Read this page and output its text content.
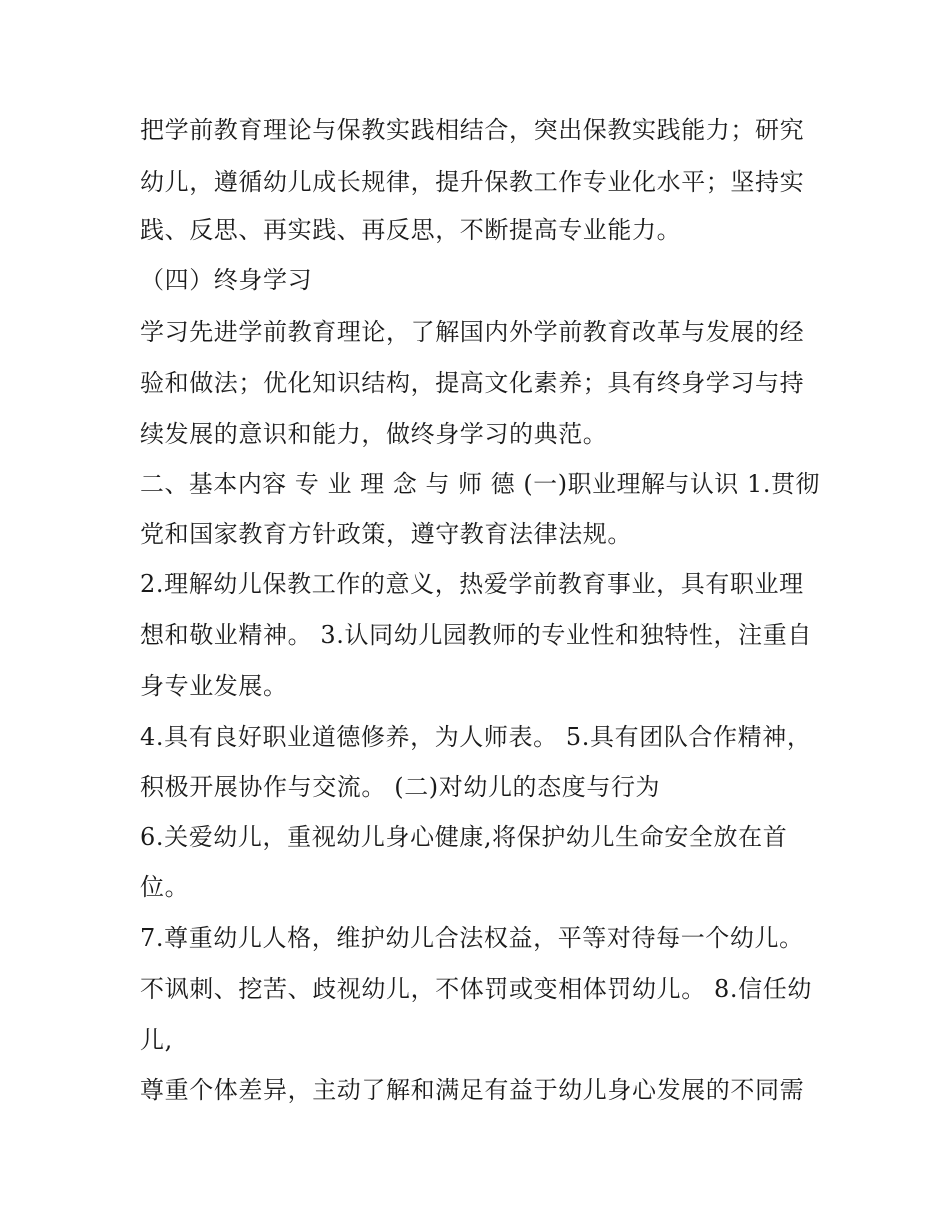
把学前教育理论与保教实践相结合，突出保教实践能力；研究

幼儿，遵循幼儿成长规律，提升保教工作专业化水平；坚持实

践、反思、再实践、再反思，不断提高专业能力。

（四）终身学习

学习先进学前教育理论，了解国内外学前教育改革与发展的经

验和做法；优化知识结构，提高文化素养；具有终身学习与持

续发展的意识和能力，做终身学习的典范。

二、基本内容 专 业 理 念 与 师 德 (一)职业理解与认识 1.贯彻

党和国家教育方针政策，遵守教育法律法规。

2.理解幼儿保教工作的意义，热爱学前教育事业，具有职业理

想和敬业精神。 3.认同幼儿园教师的专业性和独特性，注重自

身专业发展。

4.具有良好职业道德修养，为人师表。 5.具有团队合作精神，

积极开展协作与交流。 (二)对幼儿的态度与行为

6.关爱幼儿，重视幼儿身心健康,将保护幼儿生命安全放在首

位。

7.尊重幼儿人格，维护幼儿合法权益，平等对待每一个幼儿。

不讽刺、挖苦、歧视幼儿，不体罚或变相体罚幼儿。 8.信任幼

儿,

尊重个体差异，主动了解和满足有益于幼儿身心发展的不同需
